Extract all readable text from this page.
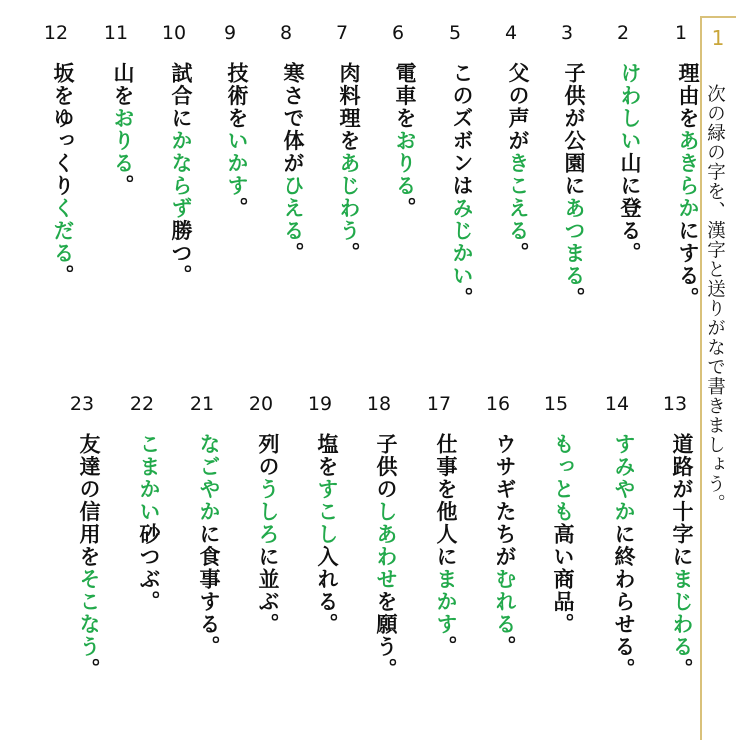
1
次の緑の字を、漢字と送りがなで書きましょう。
1
理由をあきらかにする。
2
けわしい山に登る。
3
子供が公園にあつまる。
4
父の声がきこえる。
5
このズボンはみじかい。
6
電車をおりる。
7
肉料理をあじわう。
8
寒さで体がひえる。
9
技術をいかす。
10
試合にかならず勝つ。
11
山をおりる。
12
坂をゆっくりくだる。
13
道路が十字にまじわる。
14
すみやかに終わらせる。
15
もっとも高い商品。
16
ウサギたちがむれる。
17
仕事を他人にまかす。
18
子供のしあわせを願う。
19
塩をすこし入れる。
20
列のうしろに並ぶ。
21
なごやかに食事する。
22
こまかい砂つぶ。
23
友達の信用をそこなう。
